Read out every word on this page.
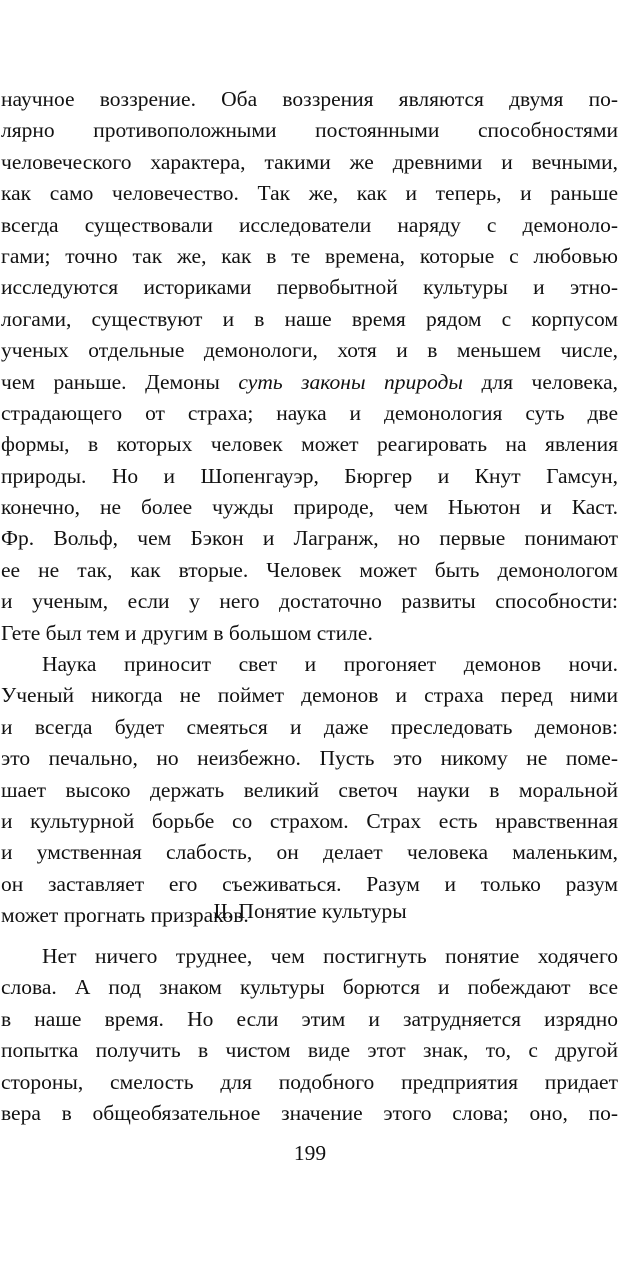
научное воззрение. Оба воззрения являются двумя по-
лярно противоположными постоянными способностями
человеческого характера, такими же древними и вечными,
как само человечество. Так же, как и теперь, и раньше
всегда существовали исследователи наряду с демоноло-
гами; точно так же, как в те времена, которые с любовью
исследуются историками первобытной культуры и этно-
логами, существуют и в наше время рядом с корпусом
ученых отдельные демонологи, хотя и в меньшем числе,
чем раньше. Демоны суть законы природы для человека,
страдающего от страха; наука и демонология суть две
формы, в которых человек может реагировать на явления
природы. Но и Шопенгауэр, Бюргер и Кнут Гамсун,
конечно, не более чужды природе, чем Ньютон и Каст.
Фр. Вольф, чем Бэкон и Лагранж, но первые понимают
ее не так, как вторые. Человек может быть демонологом
и ученым, если у него достаточно развиты способности:
Гете был тем и другим в большом стиле.
Наука приносит свет и прогоняет демонов ночи.
Ученый никогда не поймет демонов и страха перед ними
и всегда будет смеяться и даже преследовать демонов:
это печально, но неизбежно. Пусть это никому не поме-
шает высоко держать великий светоч науки в моральной
и культурной борьбе со страхом. Страх есть нравственная
и умственная слабость, он делает человека маленьким,
он заставляет его съеживаться. Разум и только разум
может прогнать призраков.
II. Понятие культуры
Нет ничего труднее, чем постигнуть понятие ходячего
слова. А под знаком культуры борются и побеждают все
в наше время. Но если этим и затрудняется изрядно
попытка получить в чистом виде этот знак, то, с другой
стороны, смелость для подобного предприятия придает
вера в общеобязательное значение этого слова; оно, по-
199
